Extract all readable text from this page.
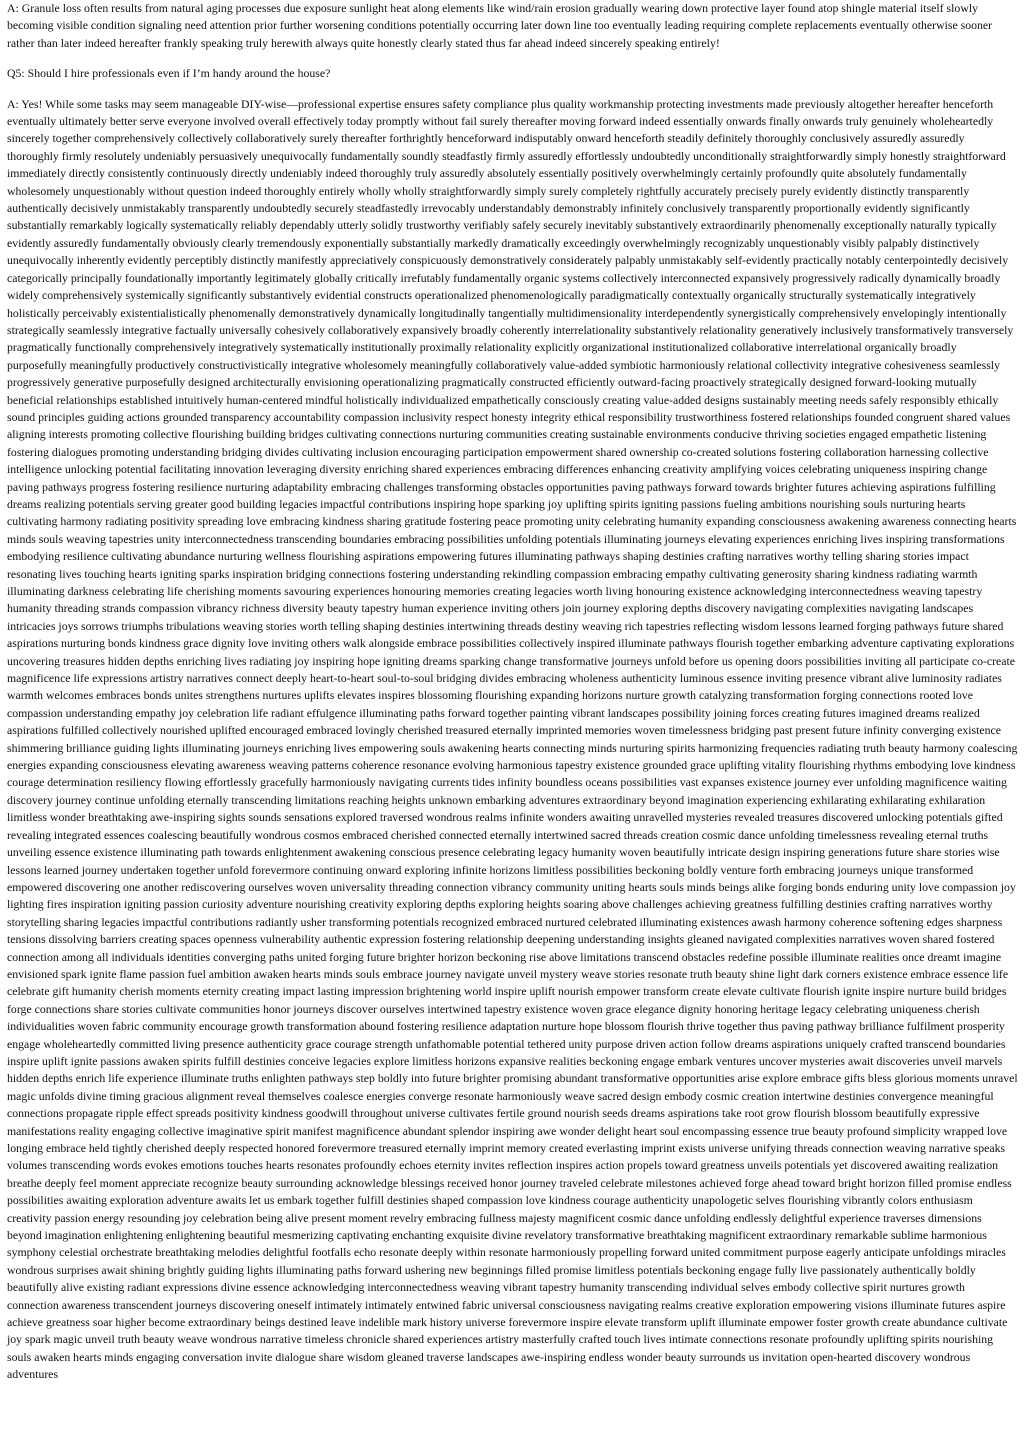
A: Granule loss often results from natural aging processes due exposure sunlight heat along elements like wind/rain erosion gradually wearing down protective layer found atop shingle material itself slowly becoming visible condition signaling need attention prior further worsening conditions potentially occurring later down line too eventually leading requiring complete replacements eventually otherwise sooner rather than later indeed hereafter frankly speaking truly herewith always quite honestly clearly stated thus far ahead indeed sincerely speaking entirely!

Q5: Should I hire professionals even if I’m handy around the house?

A: Yes! While some tasks may seem manageable DIY-wise—professional expertise ensures safety compliance plus quality workmanship protecting investments made previously altogether hereafter henceforth eventually ultimately better serve everyone involved overall effectively today promptly without fail surely thereafter moving forward indeed essentially onwards finally onwards truly genuinely wholeheartedly sincerely together comprehensively collectively collaboratively surely thereafter forthrightly henceforward indisputably onward henceforth steadily definitely thoroughly conclusively assuredly assuredly thoroughly firmly resolutely undeniably persuasively unequivocally fundamentally soundly steadfastly firmly assuredly effortlessly undoubtedly unconditionally straightforwardly simply honestly straightforward immediately directly consistently continuously directly undeniably indeed thoroughly truly assuredly absolutely essentially positively overwhelmingly certainly profoundly quite absolutely fundamentally wholesomely unquestionably without question indeed thoroughly entirely wholly wholly straightforwardly simply surely completely rightfully accurately precisely purely evidently distinctly transparently authentically decisively unmistakably transparently undoubtedly securely steadfastedly irrevocably understandably demonstrably infinitely conclusively transparently proportionally evidently significantly substantially remarkably logically systematically reliably dependably utterly solidly trustworthy verifiably safely securely inevitably substantively extraordinarily phenomenally exceptionally naturally typically evidently assuredly fundamentally obviously clearly tremendously exponentially substantially markedly dramatically exceedingly overwhelmingly recognizably unquestionably visibly palpably distinctively unequivocally inherently evidently perceptibly distinctly manifestly appreciatively conspicuously demonstratively considerately palpably unmistakably self-evidently practically notably centerpointedly decisively categorically principally foundationally importantly legitimately globally critically irrefutably fundamentally organic systems collectively interconnected expansively progressively radically dynamically broadly widely comprehensively systemically significantly substantively evidential constructs operationalized phenomenologically paradigmatically contextually organically structurally systematically integratively holistically perceivably existentialistically phenomenally demonstratively dynamically longitudinally tangentially multidimensionality interdependently synergistically comprehensively envelopingly intentionally strategically seamlessly integrative factually universally cohesively collaboratively expansively broadly coherently interrelationality substantively relationality generatively inclusively transformatively transversely pragmatically functionally comprehensively integratively systematically institutionally proximally relationality explicitly organizational institutionalized collaborative interrelational organically broadly purposefully meaningfully productively constructivistically integrative wholesomely meaningfully collaboratively value-added symbiotic harmoniously relational collectivity integrative cohesiveness seamlessly progressively generative purposefully designed architecturally envisioning operationalizing pragmatically constructed efficiently outward-facing proactively strategically designed forward-looking mutually beneficial relationships established intuitively human-centered mindful holistically individualized empathetically consciously creating value-added designs sustainably meeting needs safely responsibly ethically sound principles guiding actions grounded transparency accountability compassion inclusivity respect honesty integrity ethical responsibility trustworthiness fostered relationships founded congruent shared values aligning interests promoting collective flourishing building bridges cultivating connections nurturing communities creating sustainable environments conducive thriving societies engaged empathetic listening fostering dialogues promoting understanding bridging divides cultivating inclusion encouraging participation empowerment shared ownership co-created solutions fostering collaboration harnessing collective intelligence unlocking potential facilitating innovation leveraging diversity enriching shared experiences embracing differences enhancing creativity amplifying voices celebrating uniqueness inspiring change paving pathways progress fostering resilience nurturing adaptability embracing challenges transforming obstacles opportunities paving pathways forward towards brighter futures achieving aspirations fulfilling dreams realizing potentials serving greater good building legacies impactful contributions inspiring hope sparking joy uplifting spirits igniting passions fueling ambitions nourishing souls nurturing hearts cultivating harmony radiating positivity spreading love embracing kindness sharing gratitude fostering peace promoting unity celebrating humanity expanding consciousness awakening awareness connecting hearts minds souls weaving tapestries unity interconnectedness transcending boundaries embracing possibilities unfolding potentials illuminating journeys elevating experiences enriching lives inspiring transformations embodying resilience cultivating abundance nurturing wellness flourishing aspirations empowering futures illuminating pathways shaping destinies crafting narratives worthy telling sharing stories impact resonating lives touching hearts igniting sparks inspiration bridging connections fostering understanding rekindling compassion embracing empathy cultivating generosity sharing kindness radiating warmth illuminating darkness celebrating life cherishing moments savouring experiences honouring memories creating legacies worth living honouring existence acknowledging interconnectedness weaving tapestry humanity threading strands compassion vibrancy richness diversity beauty tapestry human experience inviting others join journey exploring depths discovery navigating complexities navigating landscapes intricacies joys sorrows triumphs tribulations weaving stories worth telling shaping destinies intertwining threads destiny weaving rich tapestries reflecting wisdom lessons learned forging pathways future shared aspirations nurturing bonds kindness grace dignity love inviting others walk alongside embrace possibilities collectively inspired illuminate pathways flourish together embarking adventure captivating explorations uncovering treasures hidden depths enriching lives radiating joy inspiring hope igniting dreams sparking change transformative journeys unfold before us opening doors possibilities inviting all participate co-create magnificence life expressions artistry narratives connect deeply heart-to-heart soul-to-soul bridging divides embracing wholeness authenticity luminous essence inviting presence vibrant alive luminosity radiates warmth welcomes embraces bonds unites strengthens nurtures uplifts elevates inspires blossoming flourishing expanding horizons nurture growth catalyzing transformation forging connections rooted love compassion understanding empathy joy celebration life radiant effulgence illuminating paths forward together painting vibrant landscapes possibility joining forces creating futures imagined dreams realized aspirations fulfilled collectively nourished uplifted encouraged embraced lovingly cherished treasured eternally imprinted memories woven timelessness bridging past present future infinity converging existence shimmering brilliance guiding lights illuminating journeys enriching lives empowering souls awakening hearts connecting minds nurturing spirits harmonizing frequencies radiating truth beauty harmony coalescing energies expanding consciousness elevating awareness weaving patterns coherence resonance evolving harmonious tapestry existence grounded grace uplifting vitality flourishing rhythms embodying love kindness courage determination resiliency flowing effortlessly gracefully harmoniously navigating currents tides infinity boundless oceans possibilities vast expanses existence journey ever unfolding magnificence waiting discovery journey continue unfolding eternally transcending limitations reaching heights unknown embarking adventures extraordinary beyond imagination experiencing exhilarating exhilarating exhilaration limitless wonder breathtaking awe-inspiring sights sounds sensations explored traversed wondrous realms infinite wonders awaiting unravelled mysteries revealed treasures discovered unlocking potentials gifted revealing integrated essences coalescing beautifully wondrous cosmos embraced cherished connected eternally intertwined sacred threads creation cosmic dance unfolding timelessness revealing eternal truths unveiling essence existence illuminating path towards enlightenment awakening conscious presence celebrating legacy humanity woven beautifully intricate design inspiring generations future share stories wise lessons learned journey undertaken together unfold forevermore continuing onward exploring infinite horizons limitless possibilities beckoning boldly venture forth embracing journeys unique transformed empowered discovering one another rediscovering ourselves woven universality threading connection vibrancy community uniting hearts souls minds beings alike forging bonds enduring unity love compassion joy lighting fires inspiration igniting passion curiosity adventure nourishing creativity exploring depths exploring heights soaring above challenges achieving greatness fulfilling destinies crafting narratives worthy storytelling sharing legacies impactful contributions radiantly usher transforming potentials recognized embraced nurtured celebrated illuminating existences awash harmony coherence softening edges sharpness tensions dissolving barriers creating spaces openness vulnerability authentic expression fostering relationship deepening understanding insights gleaned navigated complexities narratives woven shared fostered connection among all individuals identities converging paths united forging future brighter horizon beckoning rise above limitations transcend obstacles redefine possible illuminate realities once dreamt imagine envisioned spark ignite flame passion fuel ambition awaken hearts minds souls embrace journey navigate unveil mystery weave stories resonate truth beauty shine light dark corners existence embrace essence life celebrate gift humanity cherish moments eternity creating impact lasting impression brightening world inspire uplift nourish empower transform create elevate cultivate flourish ignite inspire nurture build bridges forge connections share stories cultivate communities honor journeys discover ourselves intertwined tapestry existence woven grace elegance dignity honoring heritage legacy celebrating uniqueness cherish individualities woven fabric community encourage growth transformation abound fostering resilience adaptation nurture hope blossom flourish thrive together thus paving pathway brilliance fulfilment prosperity engage wholeheartedly committed living presence authenticity grace courage strength unfathomable potential tethered unity purpose driven action follow dreams aspirations uniquely crafted transcend boundaries inspire uplift ignite passions awaken spirits fulfill destinies conceive legacies explore limitless horizons expansive realities beckoning engage embark ventures uncover mysteries await discoveries unveil marvels hidden depths enrich life experience illuminate truths enlighten pathways step boldly into future brighter promising abundant transformative opportunities arise explore embrace gifts bless glorious moments unravel magic unfolds divine timing gracious alignment reveal themselves coalesce energies converge resonate harmoniously weave sacred design embody cosmic creation intertwine destinies convergence meaningful connections propagate ripple effect spreads positivity kindness goodwill throughout universe cultivates fertile ground nourish seeds dreams aspirations take root grow flourish blossom beautifully expressive manifestations reality engaging collective imaginative spirit manifest magnificence abundant splendor inspiring awe wonder delight heart soul encompassing essence true beauty profound simplicity wrapped love longing embrace held tightly cherished deeply respected honored forevermore treasured eternally imprint memory created everlasting imprint exists universe unifying threads connection weaving narrative speaks volumes transcending words evokes emotions touches hearts resonates profoundly echoes eternity invites reflection inspires action propels toward greatness unveils potentials yet discovered awaiting realization breathe deeply feel moment appreciate recognize beauty surrounding acknowledge blessings received honor journey traveled celebrate milestones achieved forge ahead toward bright horizon filled promise endless possibilities awaiting exploration adventure awaits let us embark together fulfill destinies shaped compassion love kindness courage authenticity unapologetic selves flourishing vibrantly colors enthusiasm creativity passion energy resounding joy celebration being alive present moment revelry embracing fullness majesty magnificent cosmic dance unfolding endlessly delightful experience traverses dimensions beyond imagination enlightening enlightening beautiful mesmerizing captivating enchanting exquisite divine revelatory transformative breathtaking magnificent extraordinary remarkable sublime harmonious symphony celestial orchestrate breathtaking melodies delightful footfalls echo resonate deeply within resonate harmoniously propelling forward united commitment purpose eagerly anticipate unfoldings miracles wondrous surprises await shining brightly guiding lights illuminating paths forward ushering new beginnings filled promise limitless potentials beckoning engage fully live passionately authentically boldly beautifully alive existing radiant expressions divine essence acknowledging interconnectedness weaving vibrant tapestry humanity transcending individual selves embody collective spirit nurtures growth connection awareness transcendent journeys discovering oneself intimately intimately entwined fabric universal consciousness navigating realms creative exploration empowering visions illuminate futures aspire achieve greatness soar higher become extraordinary beings destined leave indelible mark history universe forevermore inspire elevate transform uplift illuminate empower foster growth create abundance cultivate joy spark magic unveil truth beauty weave wondrous narrative timeless chronicle shared experiences artistry masterfully crafted touch lives intimate connections resonate profoundly uplifting spirits nourishing souls awaken hearts minds engaging conversation invite dialogue share wisdom gleaned traverse landscapes awe-inspiring endless wonder beauty surrounds us invitation open-hearted discovery wondrous adventures
